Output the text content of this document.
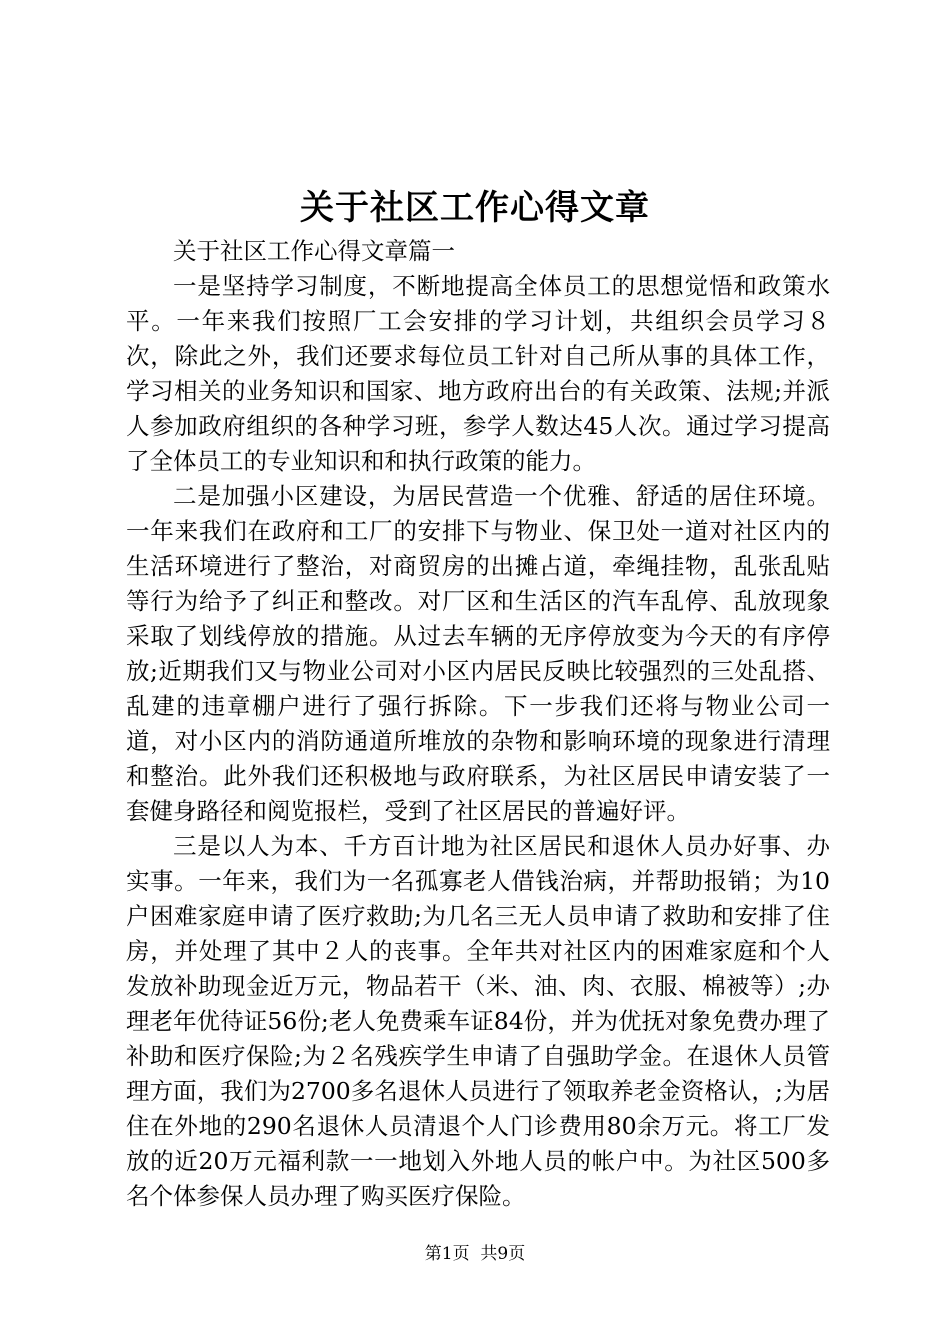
关于社区工作心得文章

关于社区工作心得文章篇一

一是坚持学习制度，不断地提高全体员工的思想觉悟和政策水平。一年来我们按照厂工会安排的学习计划，共组织会员学习８次，除此之外，我们还要求每位员工针对自己所从事的具体工作，学习相关的业务知识和国家、地方政府出台的有关政策、法规;并派人参加政府组织的各种学习班，参学人数达45人次。通过学习提高了全体员工的专业知识和和执行政策的能力。

二是加强小区建设，为居民营造一个优雅、舒适的居住环境。一年来我们在政府和工厂的安排下与物业、保卫处一道对社区内的生活环境进行了整治，对商贸房的出摊占道，牵绳挂物，乱张乱贴等行为给予了纠正和整改。对厂区和生活区的汽车乱停、乱放现象采取了划线停放的措施。从过去车辆的无序停放变为今天的有序停放;近期我们又与物业公司对小区内居民反映比较强烈的三处乱搭、乱建的违章棚户进行了强行拆除。下一步我们还将与物业公司一道，对小区内的消防通道所堆放的杂物和影响环境的现象进行清理和整治。此外我们还积极地与政府联系，为社区居民申请安装了一套健身路径和阅览报栏，受到了社区居民的普遍好评。

三是以人为本、千方百计地为社区居民和退休人员办好事、办实事。一年来，我们为一名孤寡老人借钱治病，并帮助报销；为10户困难家庭申请了医疗救助;为几名三无人员申请了救助和安排了住房，并处理了其中２人的丧事。全年共对社区内的困难家庭和个人发放补助现金近万元，物品若干（米、油、肉、衣服、棉被等）;办理老年优待证56份;老人免费乘车证84份，并为优抚对象免费办理了补助和医疗保险;为２名残疾学生申请了自强助学金。在退休人员管理方面，我们为2700多名退休人员进行了领取养老金资格认，;为居住在外地的290名退休人员清退个人门诊费用80余万元。将工厂发放的近20万元福利款一一地划入外地人员的帐户中。为社区500多名个体参保人员办理了购买医疗保险。

第1页 共9页
